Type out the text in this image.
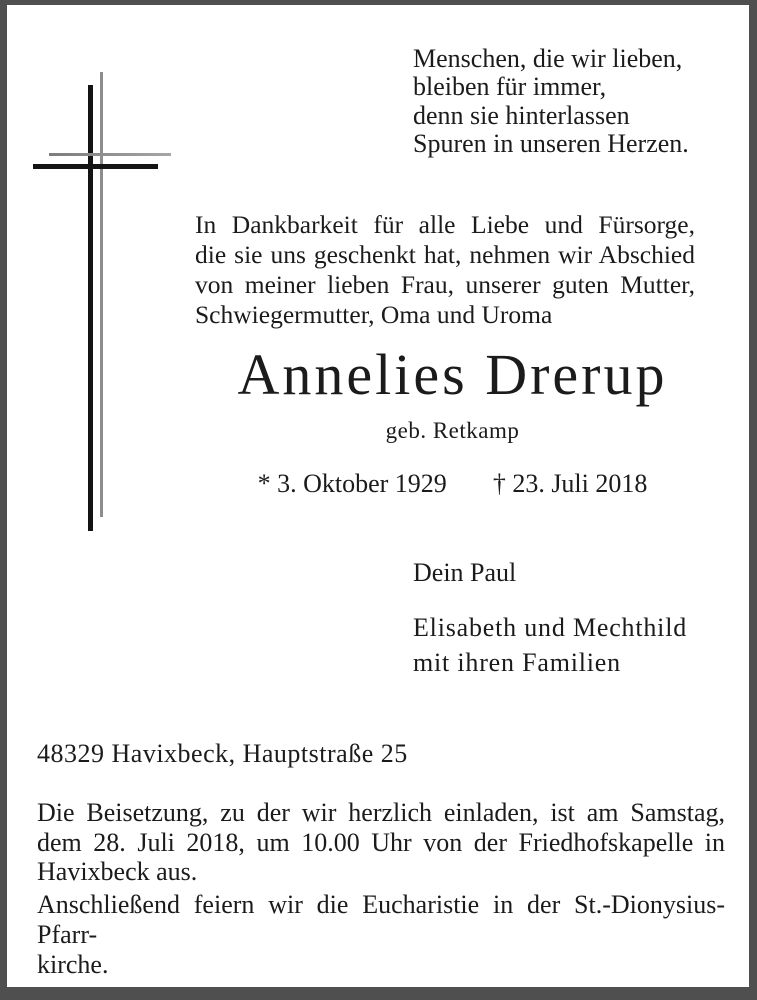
Menschen, die wir lieben,
bleiben für immer,
denn sie hinterlassen
Spuren in unseren Herzen.
In Dankbarkeit für alle Liebe und Fürsorge,
die sie uns geschenkt hat, nehmen wir Abschied
von meiner lieben Frau, unserer guten Mutter,
Schwiegermutter, Oma und Uroma
Annelies Drerup
geb. Retkamp
* 3. Oktober 1929 † 23. Juli 2018
Dein Paul
Elisabeth und Mechthild
mit ihren Familien
48329 Havixbeck, Hauptstraße 25
Die Beisetzung, zu der wir herzlich einladen, ist am Samstag,
dem 28. Juli 2018, um 10.00 Uhr von der Friedhofskapelle in
Havixbeck aus.
Anschließend feiern wir die Eucharistie in der St.-Dionysius-Pfarr-
kirche.
